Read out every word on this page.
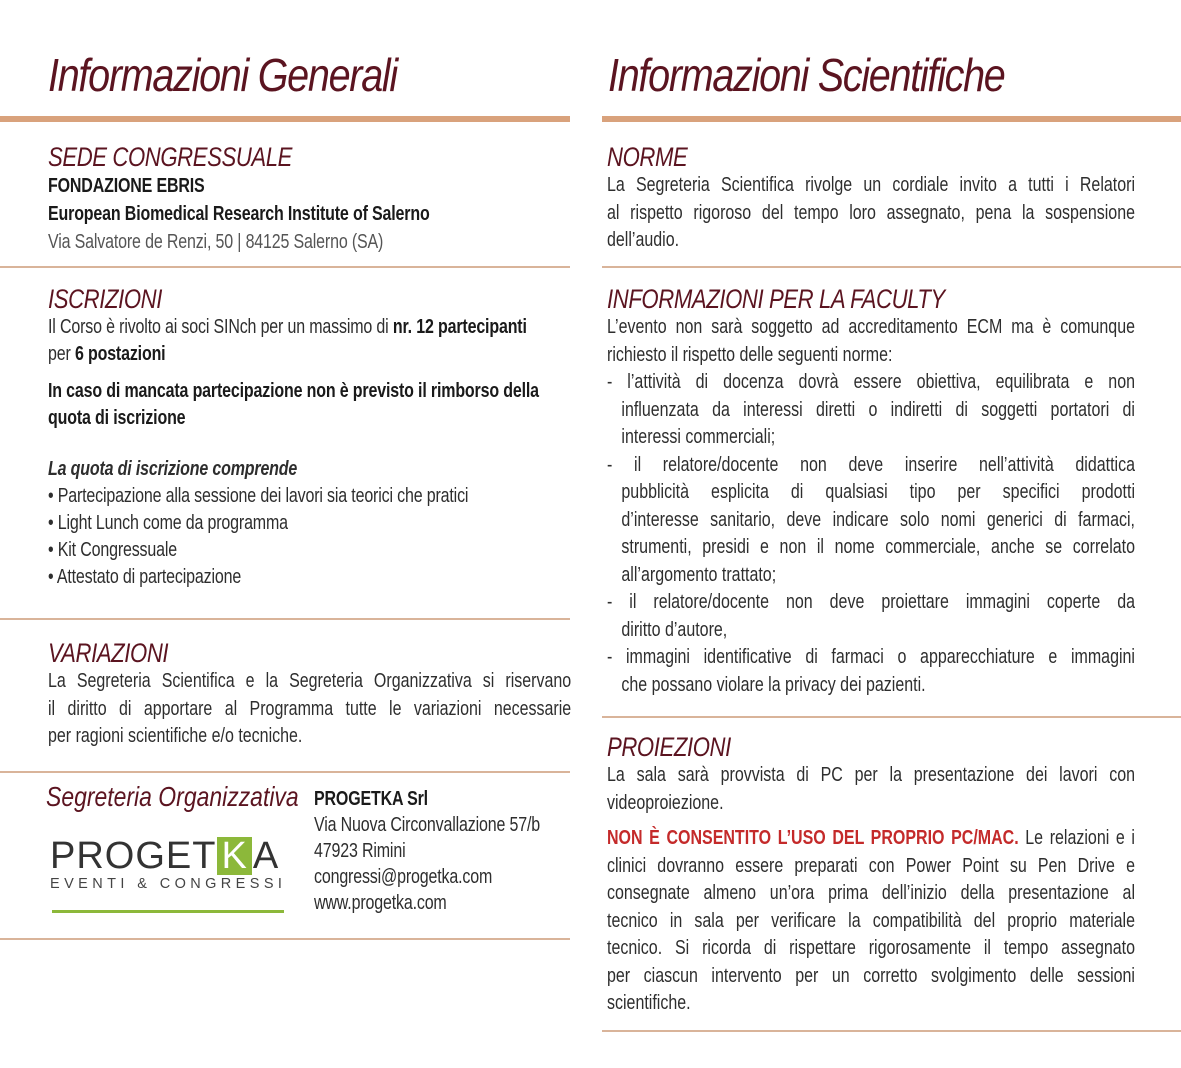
Informazioni Generali
SEDE CONGRESSUALE
FONDAZIONE EBRIS
European Biomedical Research Institute of Salerno
Via Salvatore de Renzi, 50 | 84125 Salerno (SA)
ISCRIZIONI
Il Corso è rivolto ai soci SINch per un massimo di nr. 12 partecipanti
per 6 postazioni
In caso di mancata partecipazione non è previsto il rimborso della
quota di iscrizione
La quota di iscrizione comprende
• Partecipazione alla sessione dei lavori sia teorici che pratici
• Light Lunch come da programma
• Kit Congressuale
• Attestato di partecipazione
VARIAZIONI
La Segreteria Scientifica e la Segreteria Organizzativa si riservano
il diritto di apportare al Programma tutte le variazioni necessarie
per ragioni scientifiche e/o tecniche.
Segreteria Organizzativa
PROGET K A
EVENTI & CONGRESSI
PROGETKA Srl
Via Nuova Circonvallazione 57/b
47923 Rimini
congressi@progetka.com
www.progetka.com
Informazioni Scientifiche
NORME
La Segreteria Scientifica rivolge un cordiale invito a tutti i Relatori
al rispetto rigoroso del tempo loro assegnato, pena la sospensione
dell’audio.
INFORMAZIONI PER LA FACULTY
L’evento non sarà soggetto ad accreditamento ECM ma è comunque
richiesto il rispetto delle seguenti norme:
- l’attività di docenza dovrà essere obiettiva, equilibrata e non
influenzata da interessi diretti o indiretti di soggetti portatori di
interessi commerciali;
- il relatore/docente non deve inserire nell’attività didattica
pubblicità esplicita di qualsiasi tipo per specifici prodotti
d’interesse sanitario, deve indicare solo nomi generici di farmaci,
strumenti, presidi e non il nome commerciale, anche se correlato
all’argomento trattato;
- il relatore/docente non deve proiettare immagini coperte da
diritto d’autore,
- immagini identificative di farmaci o apparecchiature e immagini
che possano violare la privacy dei pazienti.
PROIEZIONI
La sala sarà provvista di PC per la presentazione dei lavori con
videoproiezione.
NON È CONSENTITO L’USO DEL PROPRIO PC/MAC. Le relazioni e i
clinici dovranno essere preparati con Power Point su Pen Drive e
consegnate almeno un’ora prima dell’inizio della presentazione al
tecnico in sala per verificare la compatibilità del proprio materiale
tecnico. Si ricorda di rispettare rigorosamente il tempo assegnato
per ciascun intervento per un corretto svolgimento delle sessioni
scientifiche.
